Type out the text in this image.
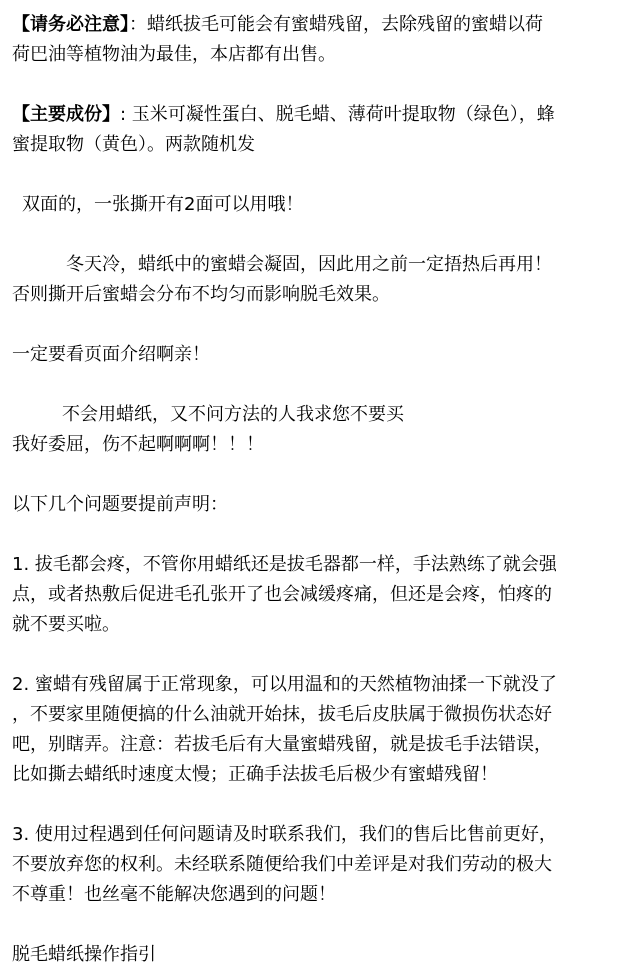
【请务必注意】：蜡纸拔毛可能会有蜜蜡残留，去除残留的蜜蜡以荷
荷巴油等植物油为最佳，本店都有出售。
【主要成份】: 玉米可凝性蛋白、脱毛蜡、薄荷叶提取物（绿色），蜂
蜜提取物（黄色）。两款随机发
双面的，一张撕开有2面可以用哦！
冬天冷，蜡纸中的蜜蜡会凝固，因此用之前一定捂热后再用！
否则撕开后蜜蜡会分布不均匀而影响脱毛效果。
一定要看页面介绍啊亲！
不会用蜡纸，又不问方法的人我求您不要买
我好委屈，伤不起啊啊啊！！！
以下几个问题要提前声明：
1. 拔毛都会疼，不管你用蜡纸还是拔毛器都一样，手法熟练了就会强
点，或者热敷后促进毛孔张开了也会减缓疼痛，但还是会疼，怕疼的
就不要买啦。
2. 蜜蜡有残留属于正常现象，可以用温和的天然植物油揉一下就没了
，不要家里随便搞的什么油就开始抹，拔毛后皮肤属于微损伤状态好
吧，别瞎弄。注意：若拔毛后有大量蜜蜡残留，就是拔毛手法错误，
比如撕去蜡纸时速度太慢；正确手法拔毛后极少有蜜蜡残留！
3. 使用过程遇到任何问题请及时联系我们，我们的售后比售前更好，
不要放弃您的权利。未经联系随便给我们中差评是对我们劳动的极大
不尊重！也丝毫不能解决您遇到的问题！
脱毛蜡纸操作指引
